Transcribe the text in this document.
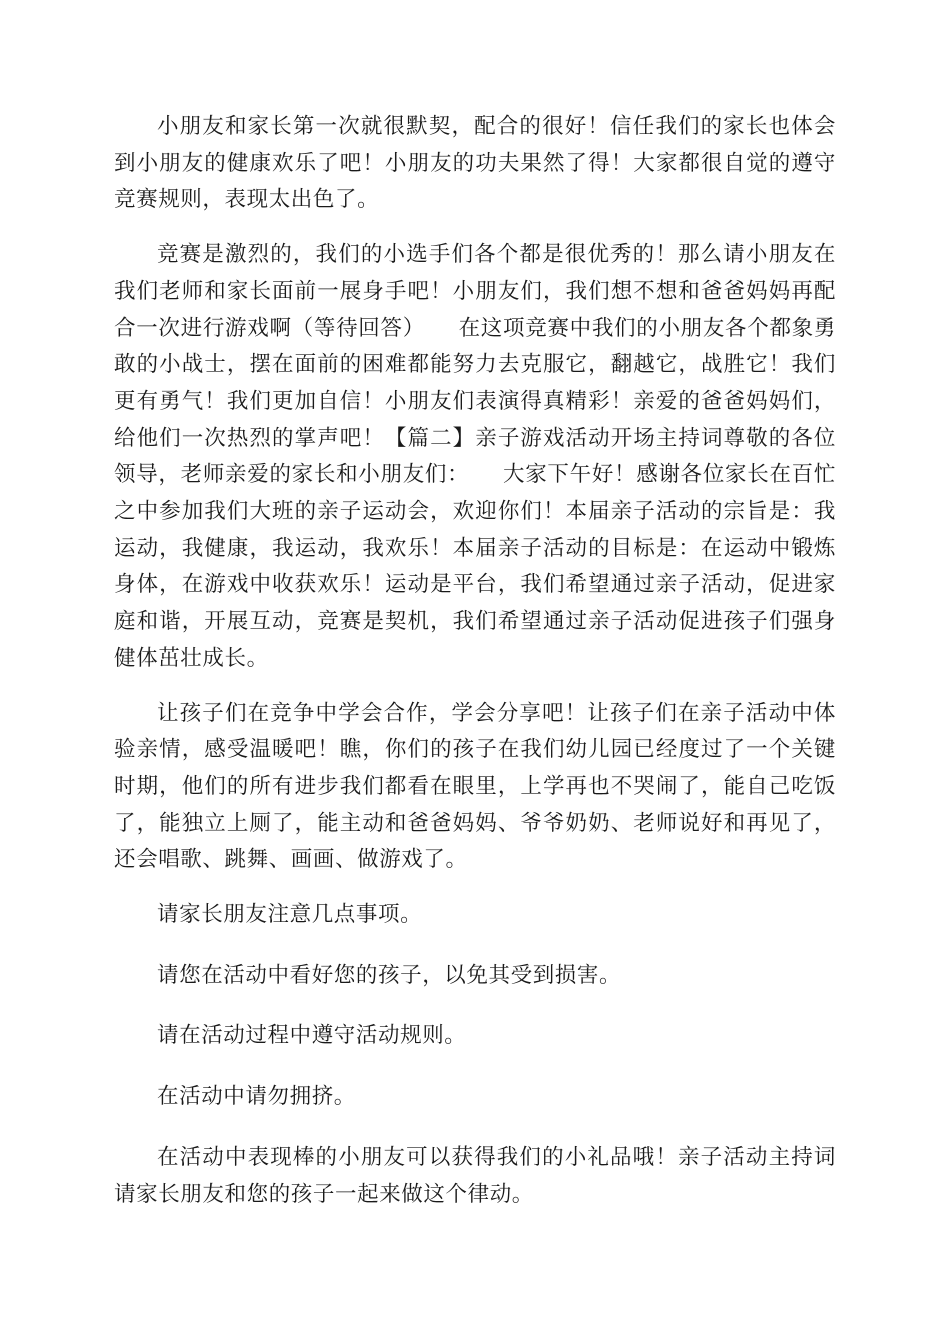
小朋友和家长第一次就很默契，配合的很好！信任我们的家长也体会到小朋友的健康欢乐了吧！小朋友的功夫果然了得！大家都很自觉的遵守竞赛规则，表现太出色了。

竞赛是激烈的，我们的小选手们各个都是很优秀的！那么请小朋友在我们老师和家长面前一展身手吧！小朋友们，我们想不想和爸爸妈妈再配合一次进行游戏啊（等待回答）　　在这项竞赛中我们的小朋友各个都象勇敢的小战士，摆在面前的困难都能努力去克服它，翻越它，战胜它！我们更有勇气！我们更加自信！小朋友们表演得真精彩！亲爱的爸爸妈妈们，给他们一次热烈的掌声吧！【篇二】亲子游戏活动开场主持词尊敬的各位领导，老师亲爱的家长和小朋友们：　　大家下午好！感谢各位家长在百忙之中参加我们大班的亲子运动会，欢迎你们！本届亲子活动的宗旨是：我运动，我健康，我运动，我欢乐！本届亲子活动的目标是：在运动中锻炼身体，在游戏中收获欢乐！运动是平台，我们希望通过亲子活动，促进家庭和谐，开展互动，竞赛是契机，我们希望通过亲子活动促进孩子们强身健体茁壮成长。

让孩子们在竞争中学会合作，学会分享吧！让孩子们在亲子活动中体验亲情，感受温暖吧！瞧，你们的孩子在我们幼儿园已经度过了一个关键时期，他们的所有进步我们都看在眼里，上学再也不哭闹了，能自己吃饭了，能独立上厕了，能主动和爸爸妈妈、爷爷奶奶、老师说好和再见了，还会唱歌、跳舞、画画、做游戏了。

请家长朋友注意几点事项。

请您在活动中看好您的孩子，以免其受到损害。

请在活动过程中遵守活动规则。

在活动中请勿拥挤。

在活动中表现棒的小朋友可以获得我们的小礼品哦！亲子活动主持词请家长朋友和您的孩子一起来做这个律动。
